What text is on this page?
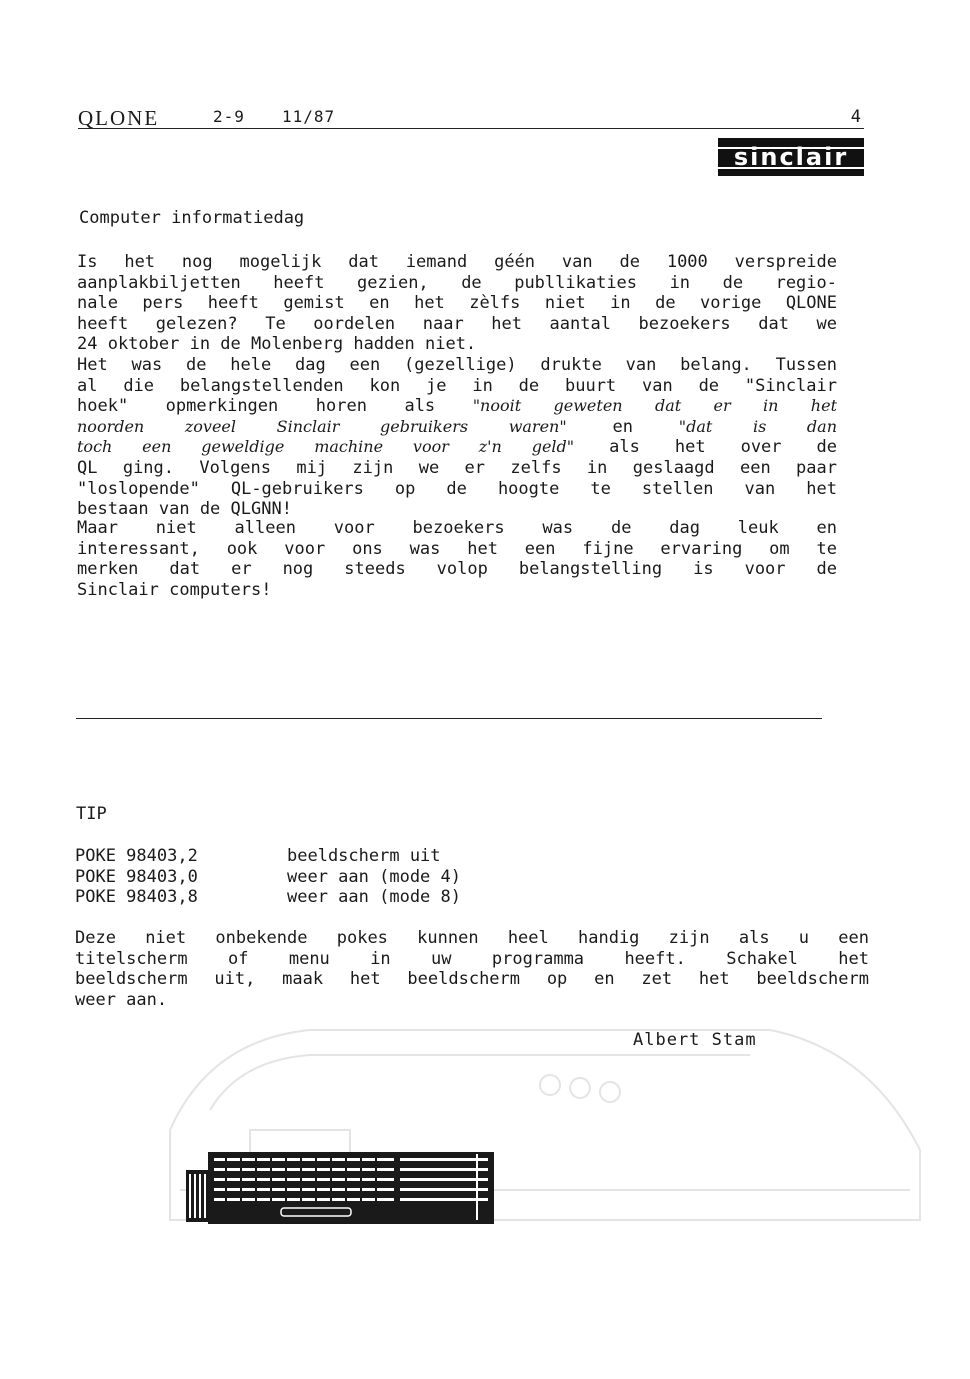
QLONE	2-9 11/87	4
sinclair
Computer informatiedag
Is het nog mogelijk dat iemand géén van de 1000 verspreide
aanplakbiljetten heeft gezien, de publlikaties in de regio-
nale pers heeft gemist en het zèlfs niet in de vorige QLONE
heeft gelezen? Te oordelen naar het aantal bezoekers dat we
24 oktober in de Molenberg hadden niet.
Het was de hele dag een (gezellige) drukte van belang. Tussen
al die belangstellenden kon je in de buurt van de "Sinclair
hoek" opmerkingen horen als "nooit geweten dat er in het
noorden zoveel Sinclair gebruikers waren"	en	"dat is dan
toch een geweldige machine voor z'n geld" als het over de
QL ging. Volgens mij zijn we er zelfs in geslaagd een paar
"loslopende" QL-gebruikers op de hoogte te stellen van het
bestaan van de QLGNN!
Maar niet alleen voor bezoekers was de dag leuk en
interessant, ook voor ons was het een fijne ervaring om te
merken dat er nog steeds volop belangstelling is voor de
Sinclair computers!
TIP
POKE 98403,2	beeldscherm uit
POKE 98403,0	weer aan (mode 4)
POKE 98403,8	weer aan (mode 8)
Deze niet onbekende pokes kunnen heel handig zijn als u een
titelscherm of menu in uw programma heeft. Schakel het
beeldscherm uit, maak het beeldscherm op en zet het beeldscherm
weer aan.
Albert Stam
